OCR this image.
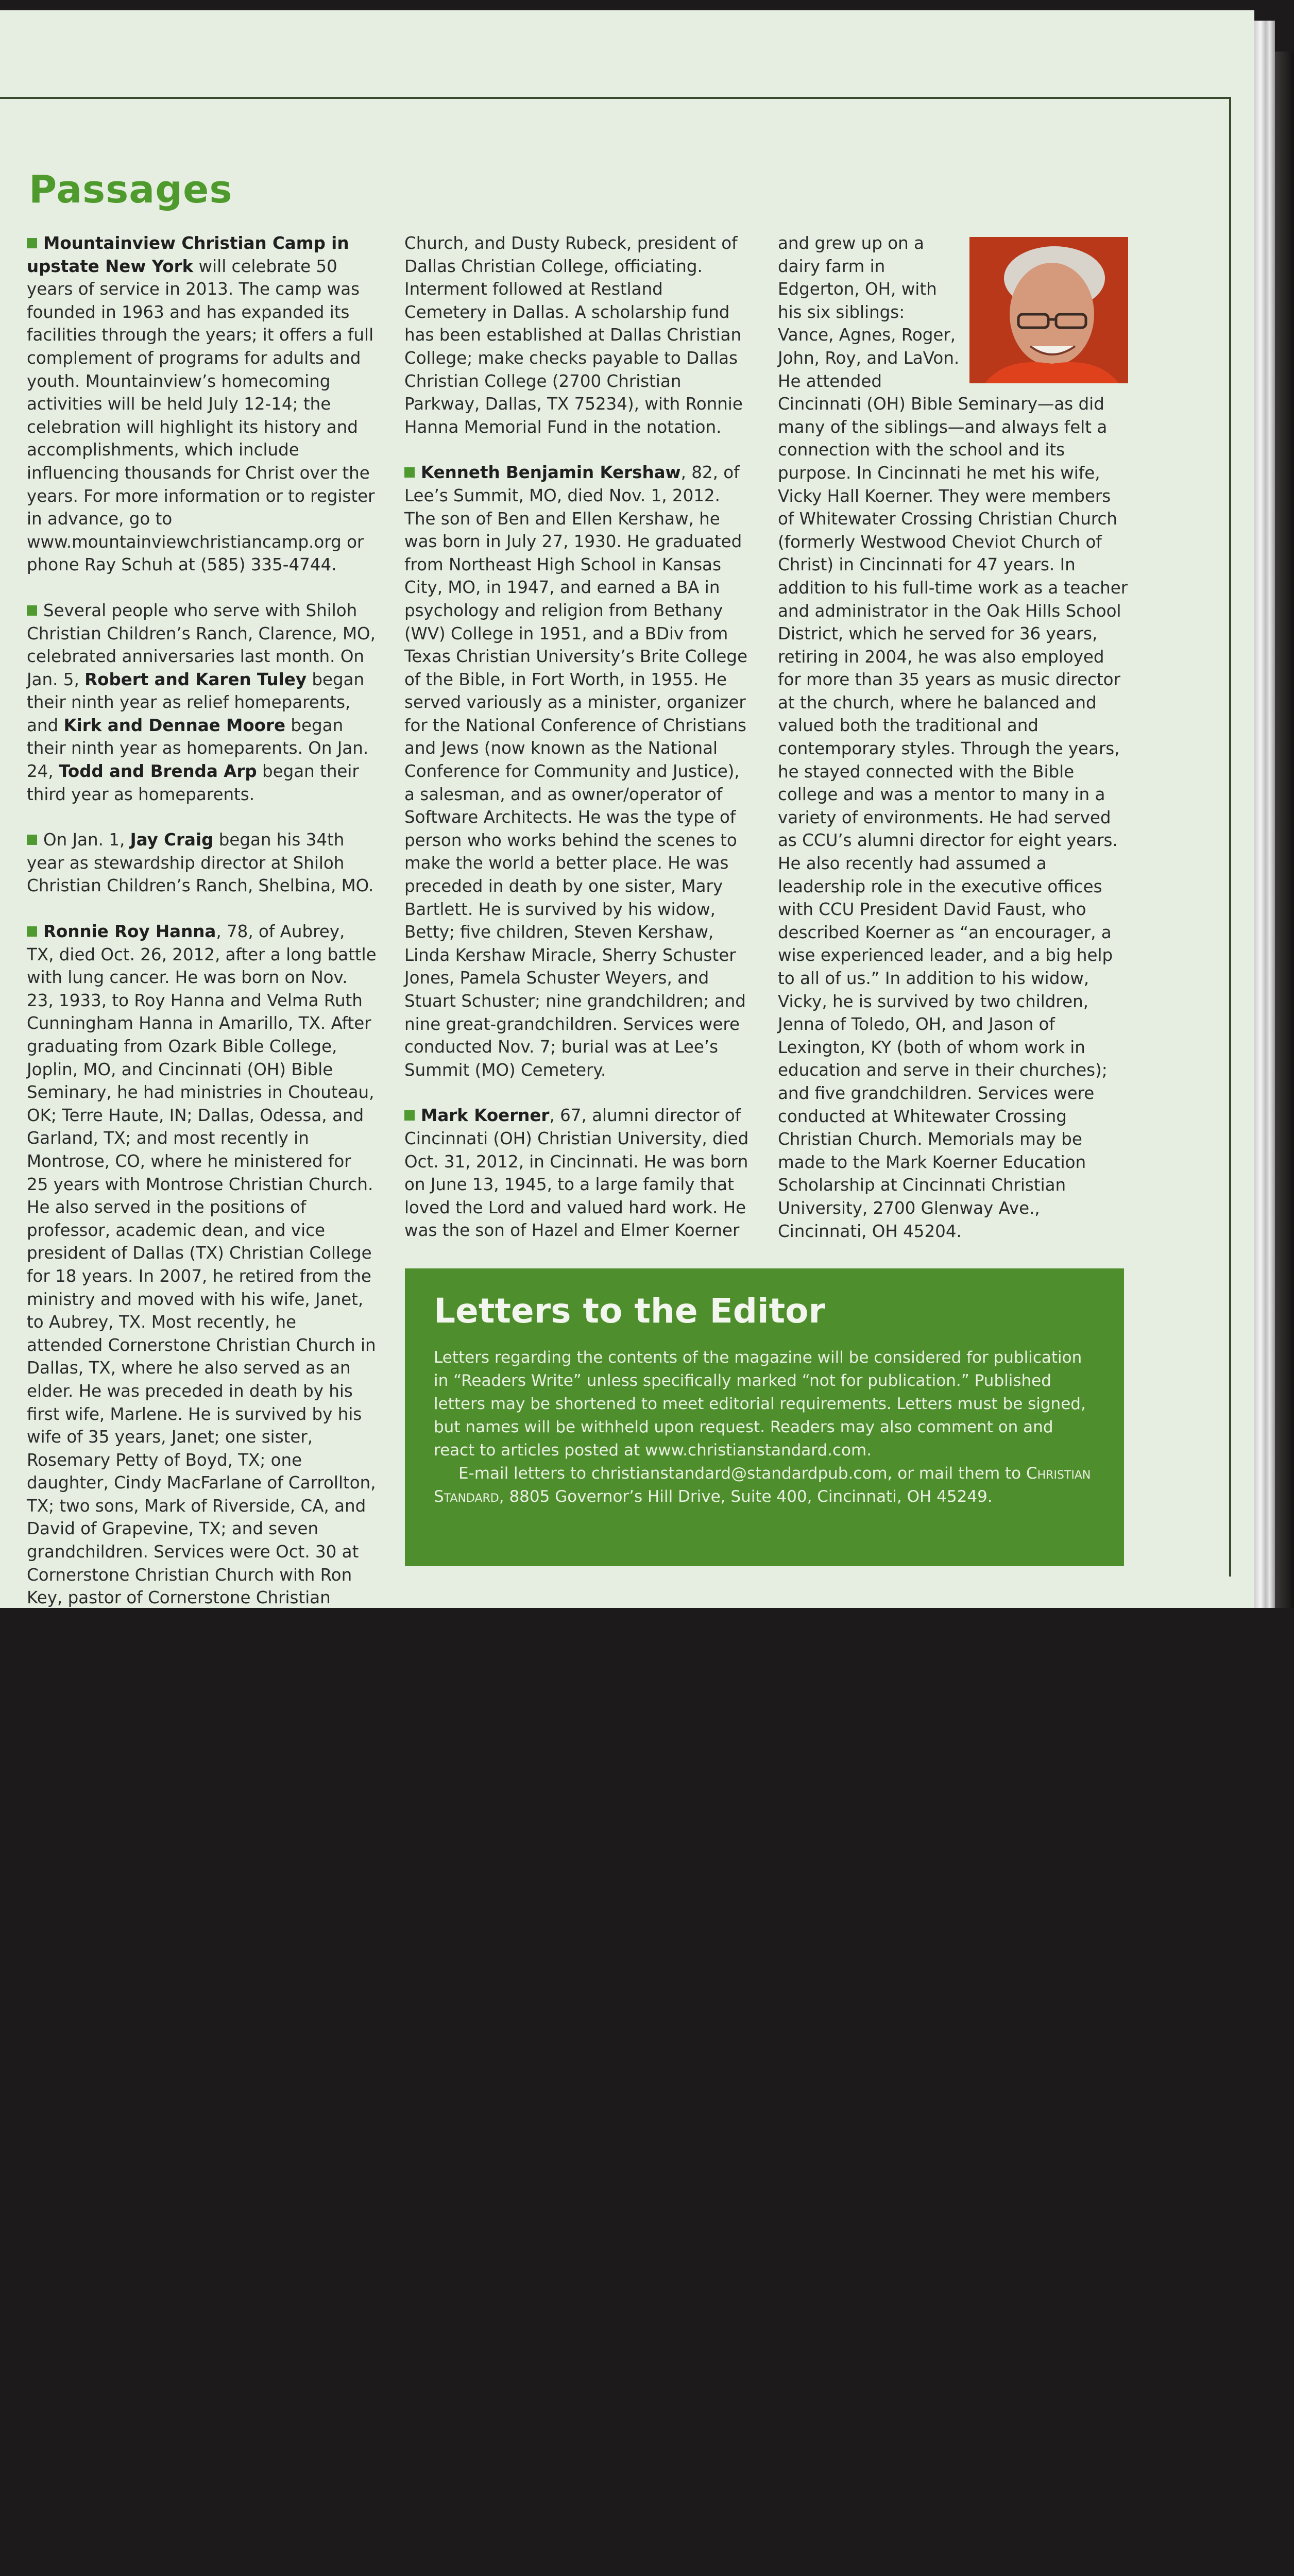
Passages

Mountainview Christian Camp in upstate New York will celebrate 50 years of service in 2013. The camp was founded in 1963 and has expanded its facilities through the years; it offers a full complement of programs for adults and youth. Mountainview’s homecoming activities will be held July 12-14; the celebration will highlight its history and accomplishments, which include influencing thousands for Christ over the years. For more information or to register in advance, go to www.mountainviewchristiancamp.org or phone Ray Schuh at (585) 335-4744.

Several people who serve with Shiloh Christian Children’s Ranch, Clarence, MO, celebrated anniversaries last month. On Jan. 5, Robert and Karen Tuley began their ninth year as relief homeparents, and Kirk and Dennae Moore began their ninth year as homeparents. On Jan. 24, Todd and Brenda Arp began their third year as homeparents.

On Jan. 1, Jay Craig began his 34th year as stewardship director at Shiloh Christian Children’s Ranch, Shelbina, MO.

Ronnie Roy Hanna, 78, of Aubrey, TX, died Oct. 26, 2012, after a long battle with lung cancer. He was born on Nov. 23, 1933, to Roy Hanna and Velma Ruth Cunningham Hanna in Amarillo, TX. After graduating from Ozark Bible College, Joplin, MO, and Cincinnati (OH) Bible Seminary, he had ministries in Chouteau, OK; Terre Haute, IN; Dallas, Odessa, and Garland, TX; and most recently in Montrose, CO, where he ministered for 25 years with Montrose Christian Church. He also served in the positions of professor, academic dean, and vice president of Dallas (TX) Christian College for 18 years. In 2007, he retired from the ministry and moved with his wife, Janet, to Aubrey, TX. Most recently, he attended Cornerstone Christian Church in Dallas, TX, where he also served as an elder. He was preceded in death by his first wife, Marlene. He is survived by his wife of 35 years, Janet; one sister, Rosemary Petty of Boyd, TX; one daughter, Cindy MacFarlane of Carrollton, TX; two sons, Mark of Riverside, CA, and David of Grapevine, TX; and seven grandchildren. Services were Oct. 30 at Cornerstone Christian Church with Ron Key, pastor of Cornerstone Christian

Church, and Dusty Rubeck, president of Dallas Christian College, officiating. Interment followed at Restland Cemetery in Dallas. A scholarship fund has been established at Dallas Christian College; make checks payable to Dallas Christian College (2700 Christian Parkway, Dallas, TX 75234), with Ronnie Hanna Memorial Fund in the notation.

Kenneth Benjamin Kershaw, 82, of Lee’s Summit, MO, died Nov. 1, 2012. The son of Ben and Ellen Kershaw, he was born in July 27, 1930. He graduated from Northeast High School in Kansas City, MO, in 1947, and earned a BA in psychology and religion from Bethany (WV) College in 1951, and a BDiv from Texas Christian University’s Brite College of the Bible, in Fort Worth, in 1955. He served variously as a minister, organizer for the National Conference of Christians and Jews (now known as the National Conference for Community and Justice), a salesman, and as owner/operator of Software Architects. He was the type of person who works behind the scenes to make the world a better place. He was preceded in death by one sister, Mary Bartlett. He is survived by his widow, Betty; five children, Steven Kershaw, Linda Kershaw Miracle, Sherry Schuster Jones, Pamela Schuster Weyers, and Stuart Schuster; nine grandchildren; and nine great-grandchildren. Services were conducted Nov. 7; burial was at Lee’s Summit (MO) Cemetery.

Mark Koerner, 67, alumni director of Cincinnati (OH) Christian University, died Oct. 31, 2012, in Cincinnati. He was born on June 13, 1945, to a large family that loved the Lord and valued hard work. He was the son of Hazel and Elmer Koerner

and grew up on a dairy farm in Edgerton, OH, with his six siblings: Vance, Agnes, Roger, John, Roy, and LaVon. He attended Cincinnati (OH) Bible Seminary—as did many of the siblings—and always felt a connection with the school and its purpose. In Cincinnati he met his wife, Vicky Hall Koerner. They were members of Whitewater Crossing Christian Church (formerly Westwood Cheviot Church of Christ) in Cincinnati for 47 years. In addition to his full-time work as a teacher and administrator in the Oak Hills School District, which he served for 36 years, retiring in 2004, he was also employed for more than 35 years as music director at the church, where he balanced and valued both the traditional and contemporary styles. Through the years, he stayed connected with the Bible college and was a mentor to many in a variety of environments. He had served as CCU’s alumni director for eight years. He also recently had assumed a leadership role in the executive offices with CCU President David Faust, who described Koerner as “an encourager, a wise experienced leader, and a big help to all of us.” In addition to his widow, Vicky, he is survived by two children, Jenna of Toledo, OH, and Jason of Lexington, KY (both of whom work in education and serve in their churches); and five grandchildren. Services were conducted at Whitewater Crossing Christian Church. Memorials may be made to the Mark Koerner Education Scholarship at Cincinnati Christian University, 2700 Glenway Ave., Cincinnati, OH 45204.

Letters to the Editor

Letters regarding the contents of the magazine will be considered for publication in “Readers Write” unless specifically marked “not for publication.” Published letters may be shortened to meet editorial requirements. Letters must be signed, but names will be withheld upon request. Readers may also comment on and react to articles posted at www.christianstandard.com.

E-mail letters to christianstandard@standardpub.com, or mail them to Christian Standard, 8805 Governor’s Hill Drive, Suite 400, Cincinnati, OH 45249.
